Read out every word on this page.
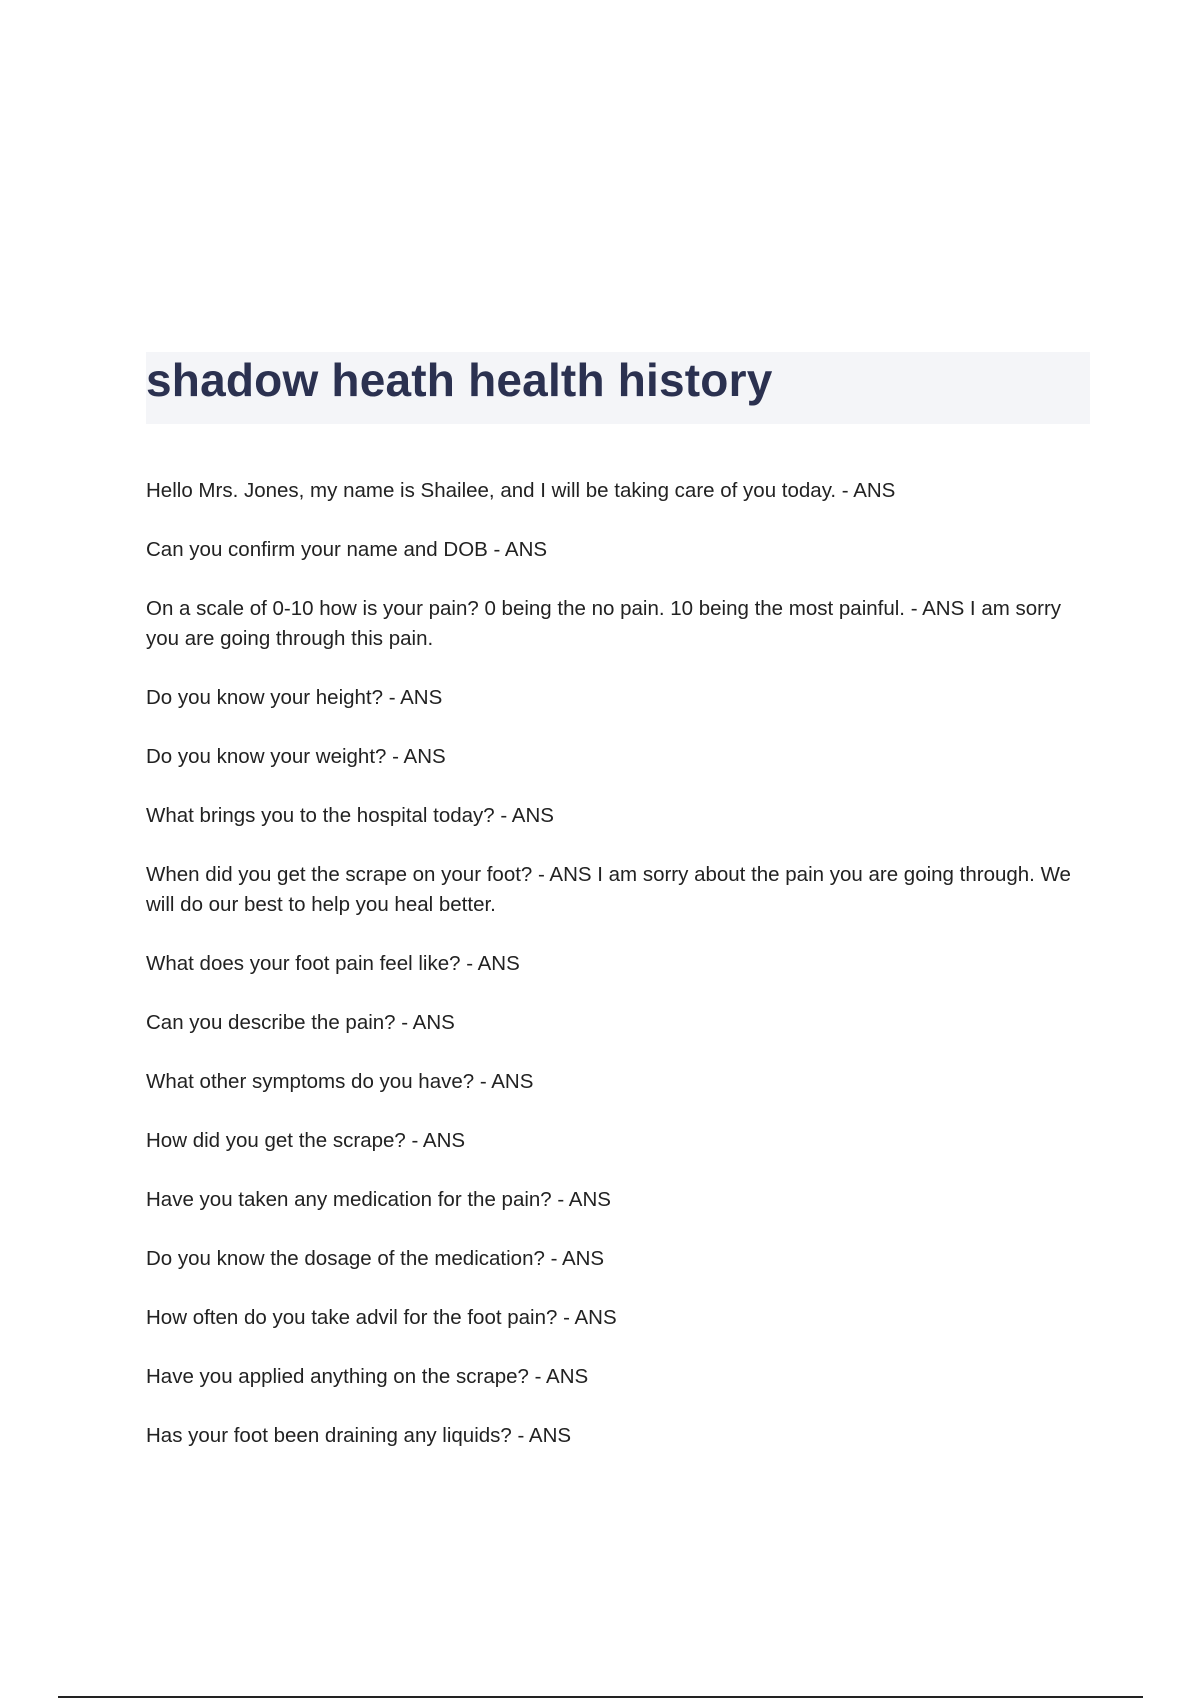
shadow heath health history
Hello Mrs. Jones, my name is Shailee, and I will be taking care of you today. - ANS
Can you confirm your name and DOB - ANS
On a scale of 0-10 how is your pain? 0 being the no pain. 10 being the most painful. - ANS I am sorry you are going through this pain.
Do you know your height? - ANS
Do you know your weight? - ANS
What brings you to the hospital today? - ANS
When did you get the scrape on your foot? - ANS I am sorry about the pain you are going through. We will do our best to help you heal better.
What does your foot pain feel like? - ANS
Can you describe the pain? - ANS
What other symptoms do you have? - ANS
How did you get the scrape? - ANS
Have you taken any medication for the pain? - ANS
Do you know the dosage of the medication? - ANS
How often do you take advil for the foot pain? - ANS
Have you applied anything on the scrape? - ANS
Has your foot been draining any liquids? - ANS
